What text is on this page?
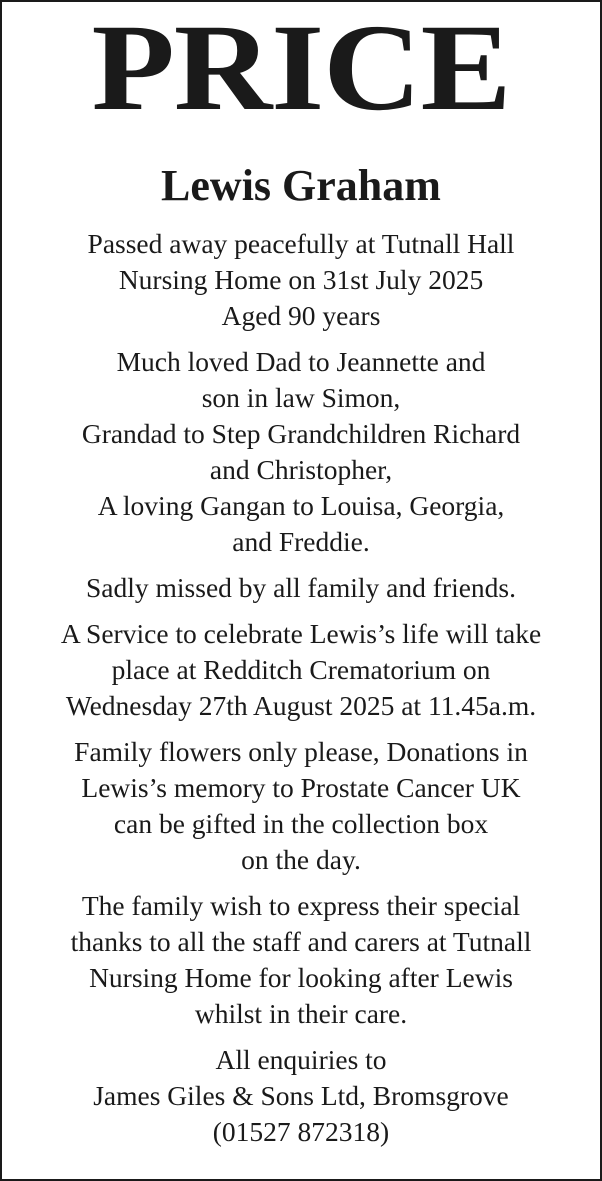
PRICE
Lewis Graham
Passed away peacefully at Tutnall Hall
Nursing Home on 31st July 2025
Aged 90 years
Much loved Dad to Jeannette and
son in law Simon,
Grandad to Step Grandchildren Richard
and Christopher,
A loving Gangan to Louisa, Georgia,
and Freddie.
Sadly missed by all family and friends.
A Service to celebrate Lewis’s life will take
place at Redditch Crematorium on
Wednesday 27th August 2025 at 11.45a.m.
Family flowers only please, Donations in
Lewis’s memory to Prostate Cancer UK
can be gifted in the collection box
on the day.
The family wish to express their special
thanks to all the staff and carers at Tutnall
Nursing Home for looking after Lewis
whilst in their care.
All enquiries to
James Giles & Sons Ltd, Bromsgrove
(01527 872318)
